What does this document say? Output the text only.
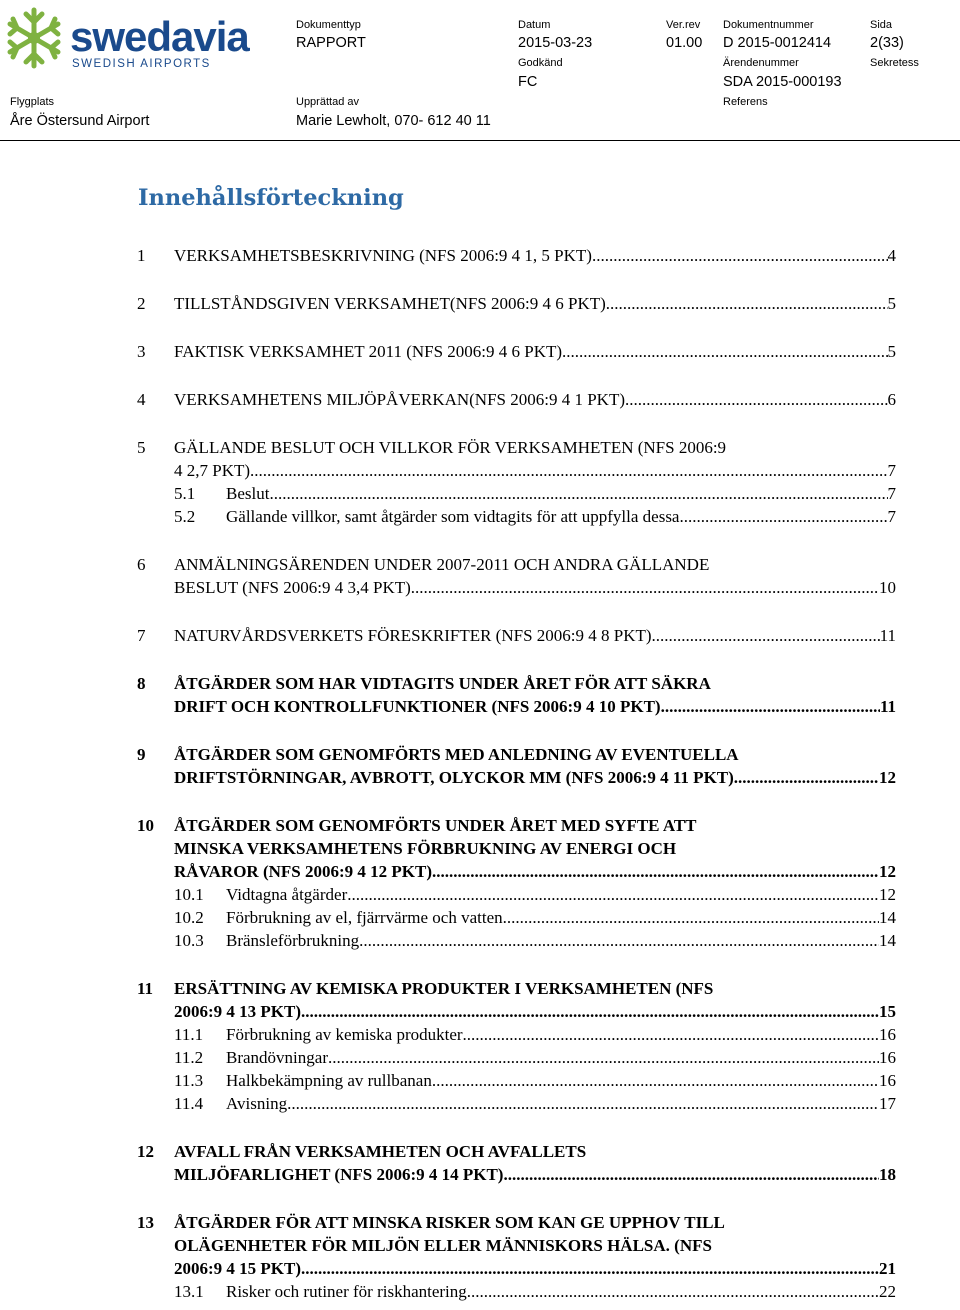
swedavia
SWEDISH AIRPORTS
Dokumenttyp
RAPPORT
Datum
2015-03-23
Ver.rev
01.00
Dokumentnummer
D 2015-0012414
Sida
2(33)
Godkänd
FC
Ärendenummer
SDA 2015-000193
Sekretess
Flygplats
Åre Östersund Airport
Upprättad av
Marie Lewholt, 070- 612 40 11
Referens
Innehållsförteckning
1 VERKSAMHETSBESKRIVNING (NFS 2006:9 4 1, 5 PKT) .....	4
2 TILLSTÅNDSGIVEN VERKSAMHET(NFS 2006:9 4 6 PKT) .....	5
3 FAKTISK VERKSAMHET 2011 (NFS 2006:9 4 6 PKT) .....	5
4 VERKSAMHETENS MILJÖPÅVERKAN(NFS 2006:9 4 1 PKT) .....	6
5 GÄLLANDE BESLUT OCH VILLKOR FÖR VERKSAMHETEN (NFS 2006:9
4 2,7 PKT) .....	7
5.1 Beslut .....	7
5.2 Gällande villkor, samt åtgärder som vidtagits för att uppfylla dessa .....	7
6 ANMÄLNINGSÄRENDEN UNDER 2007-2011 OCH ANDRA GÄLLANDE
BESLUT (NFS 2006:9 4 3,4 PKT) .....	10
7 NATURVÅRDSVERKETS FÖRESKRIFTER (NFS 2006:9 4 8 PKT) .....	11
8 ÅTGÄRDER SOM HAR VIDTAGITS UNDER ÅRET FÖR ATT SÄKRA
DRIFT OCH KONTROLLFUNKTIONER (NFS 2006:9 4 10 PKT) .....	11
9 ÅTGÄRDER SOM GENOMFÖRTS MED ANLEDNING AV EVENTUELLA
DRIFTSTÖRNINGAR, AVBROTT, OLYCKOR MM (NFS 2006:9 4 11 PKT) .....	12
10 ÅTGÄRDER SOM GENOMFÖRTS UNDER ÅRET MED SYFTE ATT
MINSKA VERKSAMHETENS FÖRBRUKNING AV ENERGI OCH
RÅVAROR (NFS 2006:9 4 12 PKT) .....	12
10.1 Vidtagna åtgärder .....	12
10.2 Förbrukning av el, fjärrvärme och vatten .....	14
10.3 Bränsleförbrukning .....	14
11 ERSÄTTNING AV KEMISKA PRODUKTER I VERKSAMHETEN (NFS
2006:9 4 13 PKT) .....	15
11.1 Förbrukning av kemiska produkter .....	16
11.2 Brandövningar .....	16
11.3 Halkbekämpning av rullbanan .....	16
11.4 Avisning .....	17
12 AVFALL FRÅN VERKSAMHETEN OCH AVFALLETS
MILJÖFARLIGHET (NFS 2006:9 4 14 PKT) .....	18
13 ÅTGÄRDER FÖR ATT MINSKA RISKER SOM KAN GE UPPHOV TILL
OLÄGENHETER FÖR MILJÖN ELLER MÄNNISKORS HÄLSA. (NFS
2006:9 4 15 PKT) .....	21
13.1 Risker och rutiner för riskhantering .....	22
